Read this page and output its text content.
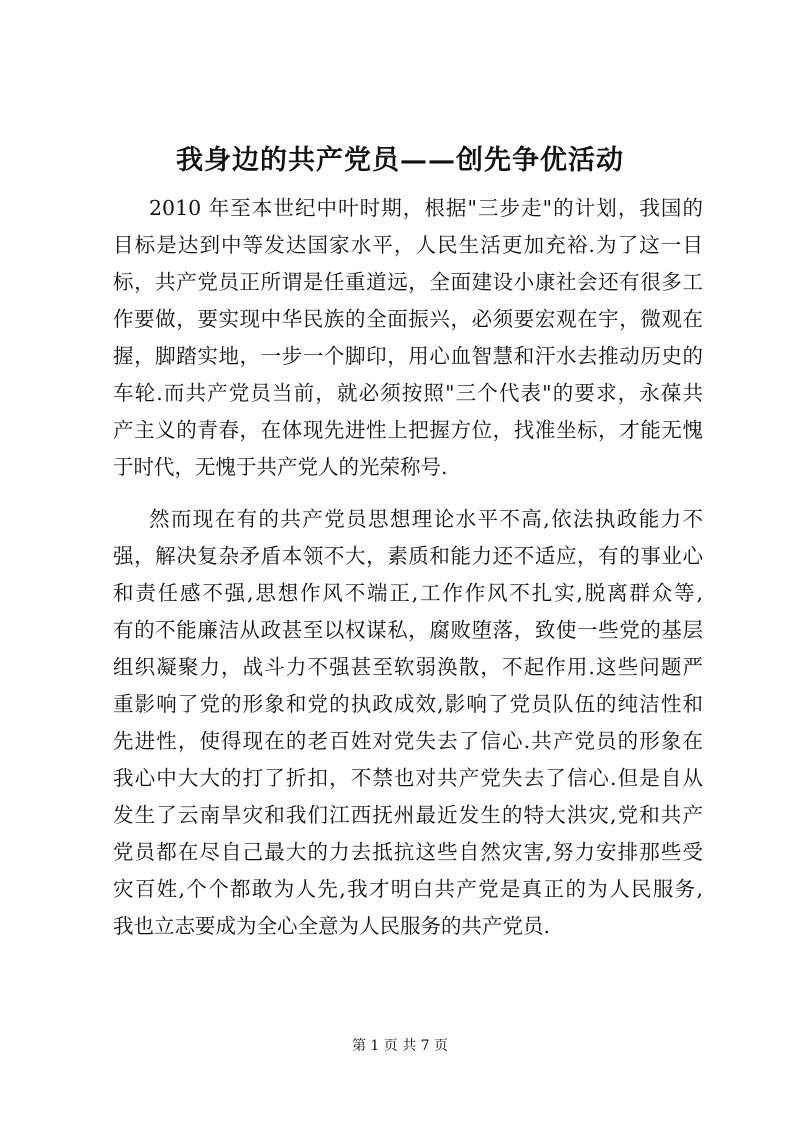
我身边的共产党员——创先争优活动
2010 年至本世纪中叶时期，根据"三步走"的计划，我国的
目标是达到中等发达国家水平，人民生活更加充裕.为了这一目
标，共产党员正所谓是任重道远，全面建设小康社会还有很多工
作要做，要实现中华民族的全面振兴，必须要宏观在宇，微观在
握，脚踏实地，一步一个脚印，用心血智慧和汗水去推动历史的
车轮.而共产党员当前，就必须按照"三个代表"的要求，永葆共
产主义的青春，在体现先进性上把握方位，找准坐标，才能无愧
于时代，无愧于共产党人的光荣称号.
然而现在有的共产党员思想理论水平不高,依法执政能力不
强，解决复杂矛盾本领不大，素质和能力还不适应，有的事业心
和责任感不强,思想作风不端正,工作作风不扎实,脱离群众等,
有的不能廉洁从政甚至以权谋私，腐败堕落，致使一些党的基层
组织凝聚力，战斗力不强甚至软弱涣散，不起作用.这些问题严
重影响了党的形象和党的执政成效,影响了党员队伍的纯洁性和
先进性，使得现在的老百姓对党失去了信心.共产党员的形象在
我心中大大的打了折扣，不禁也对共产党失去了信心.但是自从
发生了云南旱灾和我们江西抚州最近发生的特大洪灾,党和共产
党员都在尽自己最大的力去抵抗这些自然灾害,努力安排那些受
灾百姓,个个都敢为人先,我才明白共产党是真正的为人民服务,
我也立志要成为全心全意为人民服务的共产党员.
第 1 页 共 7 页
